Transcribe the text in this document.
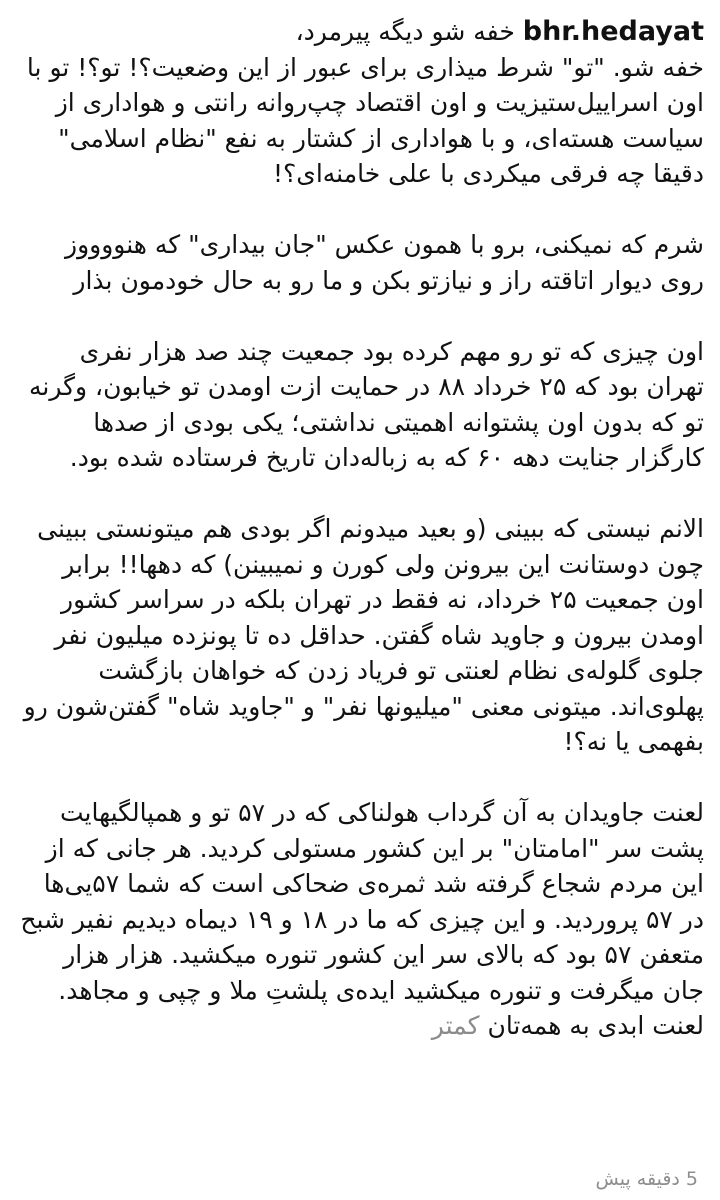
bhr.hedayat خفه شو دیگه پیرمرد،

خفه شو. "تو" شرط میذاری برای عبور از این وضعیت؟! تو؟! تو با اون اسراییل‌ستیزیت و اون اقتصاد چپ‌روانه رانتی و هواداری از سیاست هسته‌ای، و با هواداری از کشتار به نفع "نظام اسلامی" دقیقا چه فرقی میکردی با علی خامنه‌ای؟!

شرم که نمیکنی، برو با همون عکس "جان بیداری" که هنووووز روی دیوار اتاقته راز و نیازتو بکن و ما رو به حال خودمون بذار

اون چیزی که تو رو مهم کرده بود جمعیت چند صد هزار نفری تهران بود که ۲۵ خرداد ۸۸ در حمایت ازت اومدن تو خیابون، وگرنه تو که بدون اون پشتوانه اهمیتی نداشتی؛ یکی بودی از صدها کارگزار جنایت دهه ۶۰ که به زباله‌دان تاریخ فرستاده شده بود.

الانم نیستی که ببینی (و بعید میدونم اگر بودی هم میتونستی ببینی چون دوستانت این بیرونن ولی کورن و نمیبینن) که دهها!! برابر اون جمعیت ۲۵ خرداد، نه فقط در تهران بلکه در سراسر کشور اومدن بیرون و جاوید شاه گفتن. حداقل ده تا پونزده میلیون نفر جلوی گلوله‌ی نظام لعنتی تو فریاد زدن که خواهان بازگشت پهلوی‌اند. میتونی معنی "میلیونها نفر" و "جاوید شاه" گفتن‌شون رو بفهمی یا نه؟!

لعنت جاویدان به آن گرداب هولناکی که در ۵۷ تو و همپالگیهایت پشت سر "امامتان" بر این کشور مستولی کردید. هر جانی که از این مردم شجاع گرفته شد ثمره‌ی ضحاکی است که شما ۵۷یی‌ها در ۵۷ پروردید. و این چیزی که ما در ۱۸ و ۱۹ دیماه دیدیم نفیر شبح متعفن ۵۷ بود که بالای سر این کشور تنوره میکشید. هزار هزار جان میگرفت و تنوره میکشید ایده‌ی پلشتِ ملا و چپی و مجاهد.

لعنت ابدی به همه‌تان کمتر
5 دقیقه پیش
